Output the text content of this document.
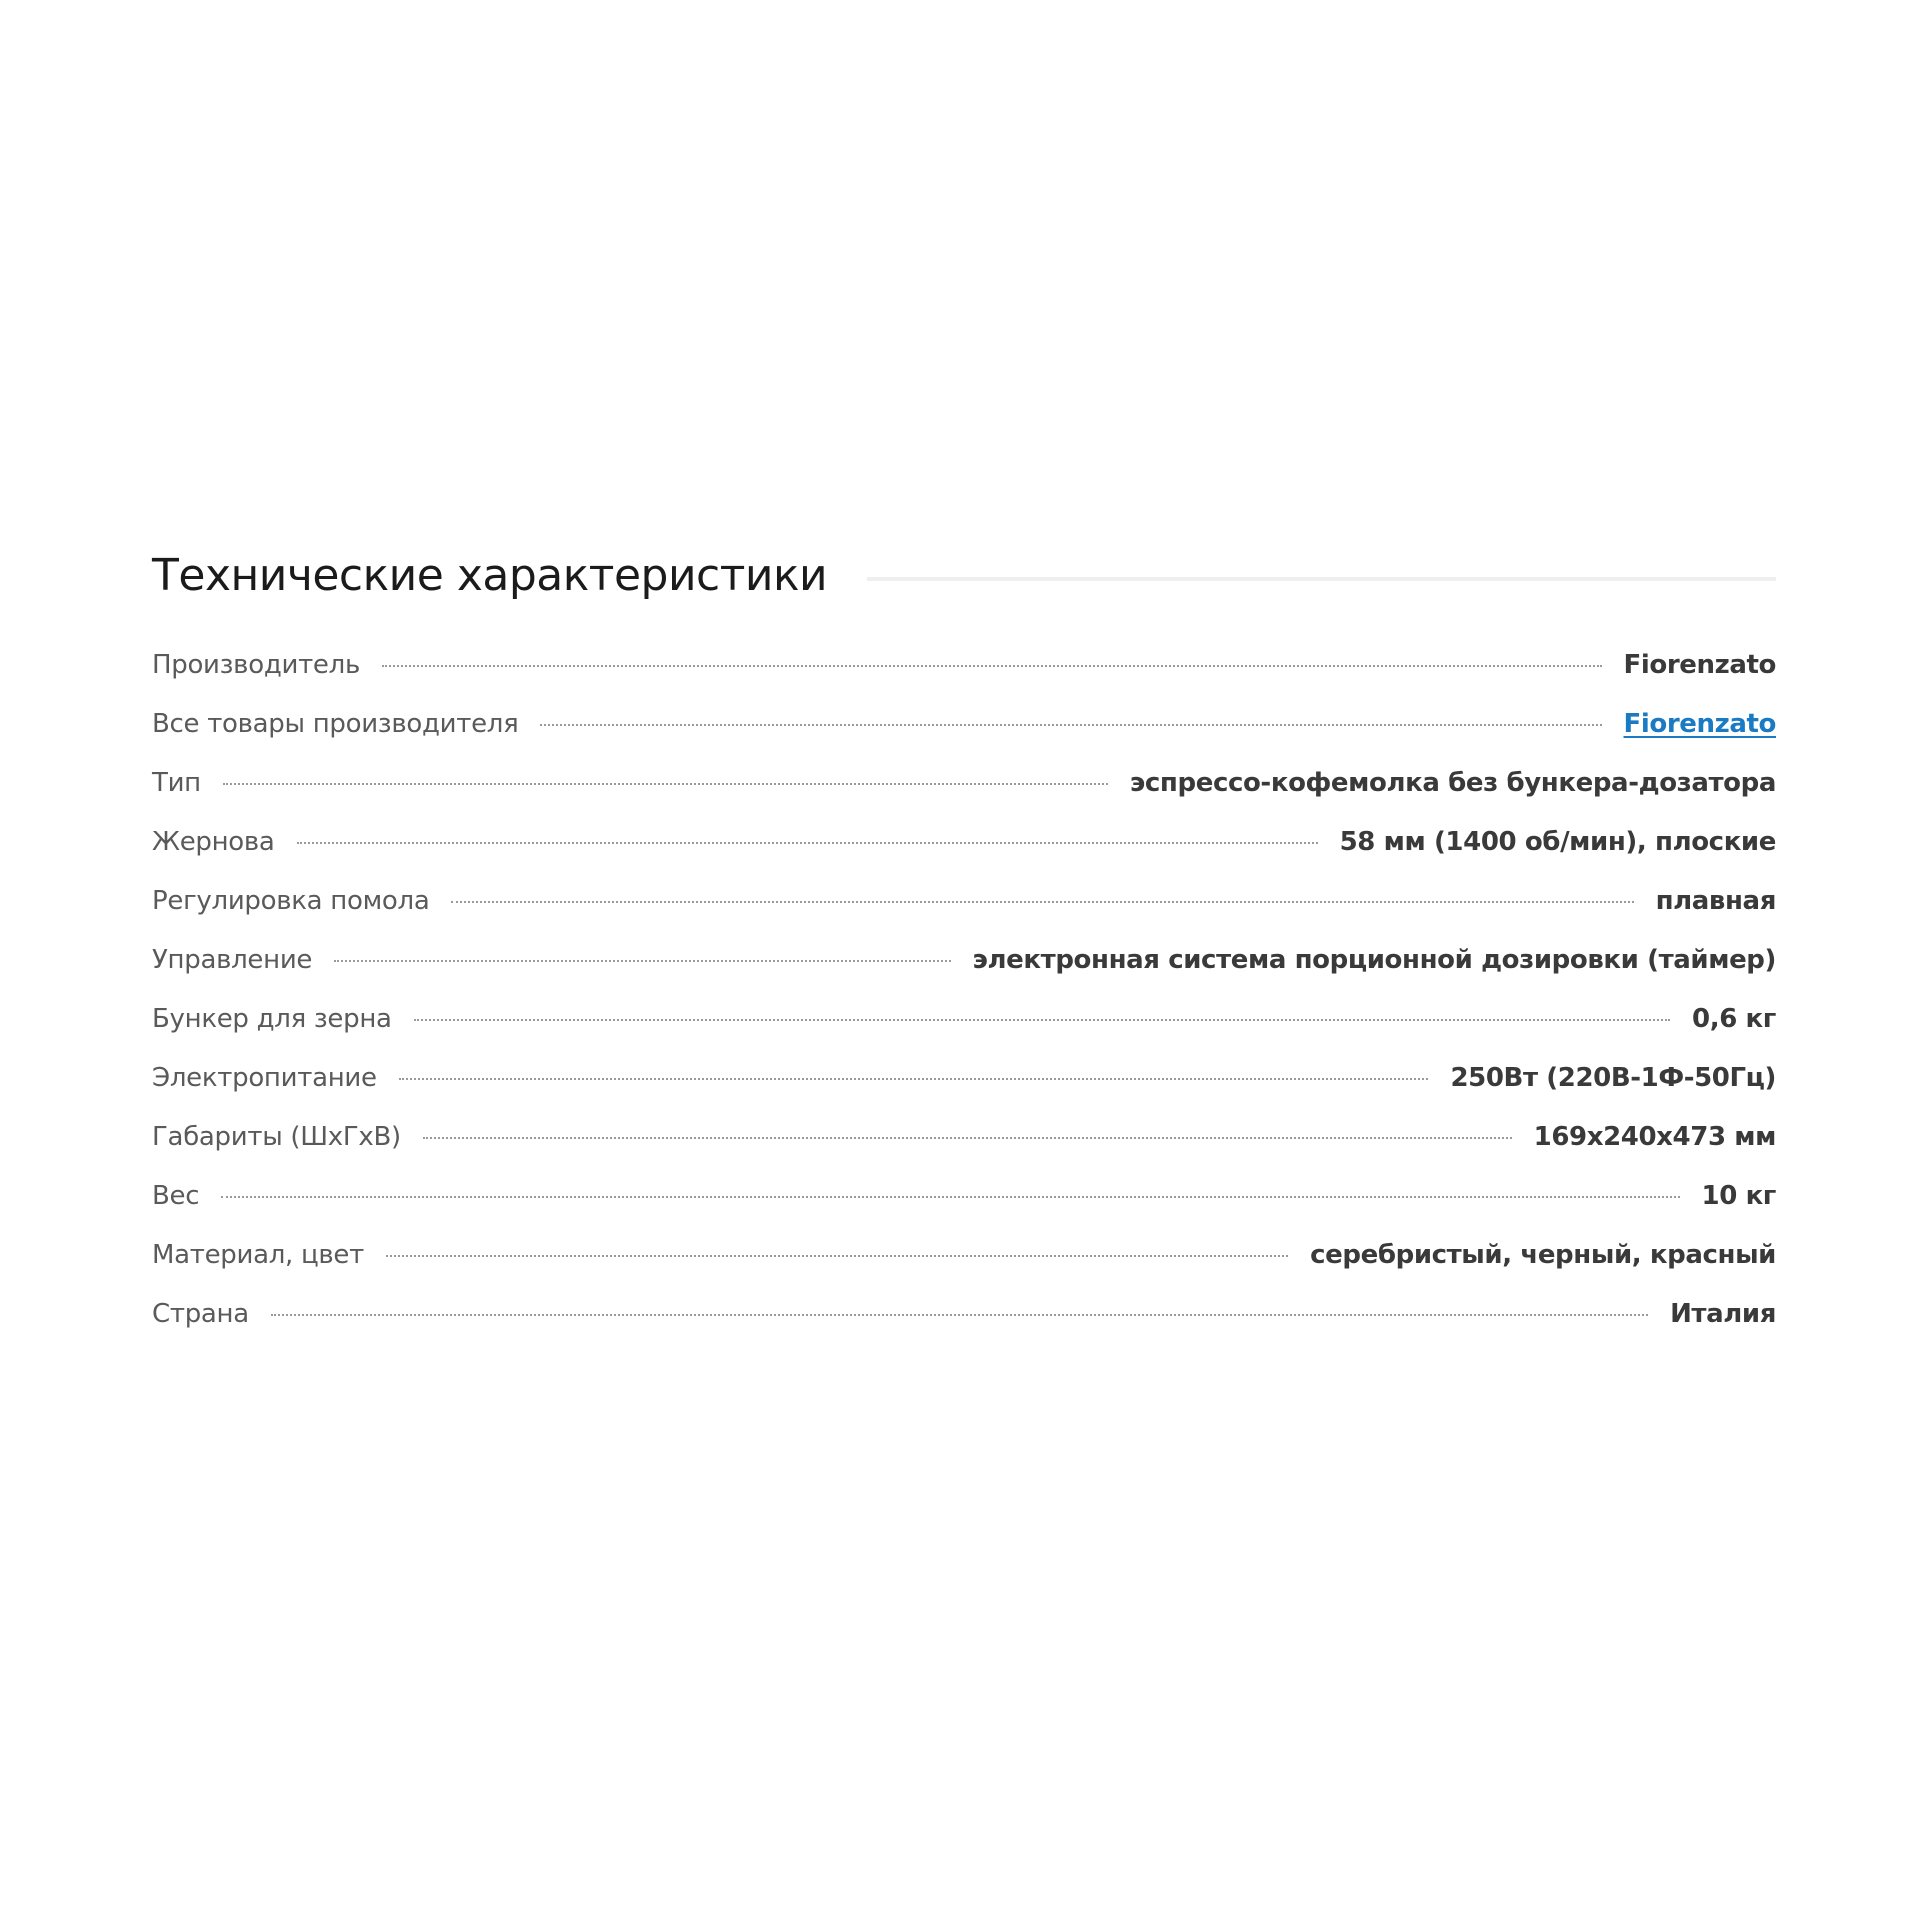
Технические характеристики
Производитель	Fiorenzato
Все товары производителя	Fiorenzato
Тип	эспрессо-кофемолка без бункера-дозатора
Жернова	58 мм (1400 об/мин), плоские
Регулировка помола	плавная
Управление	электронная система порционной дозировки (таймер)
Бункер для зерна	0,6 кг
Электропитание	250Вт (220В-1Ф-50Гц)
Габариты (ШхГхВ)	169x240x473 мм
Вес	10 кг
Материал, цвет	серебристый, черный, красный
Страна	Италия
